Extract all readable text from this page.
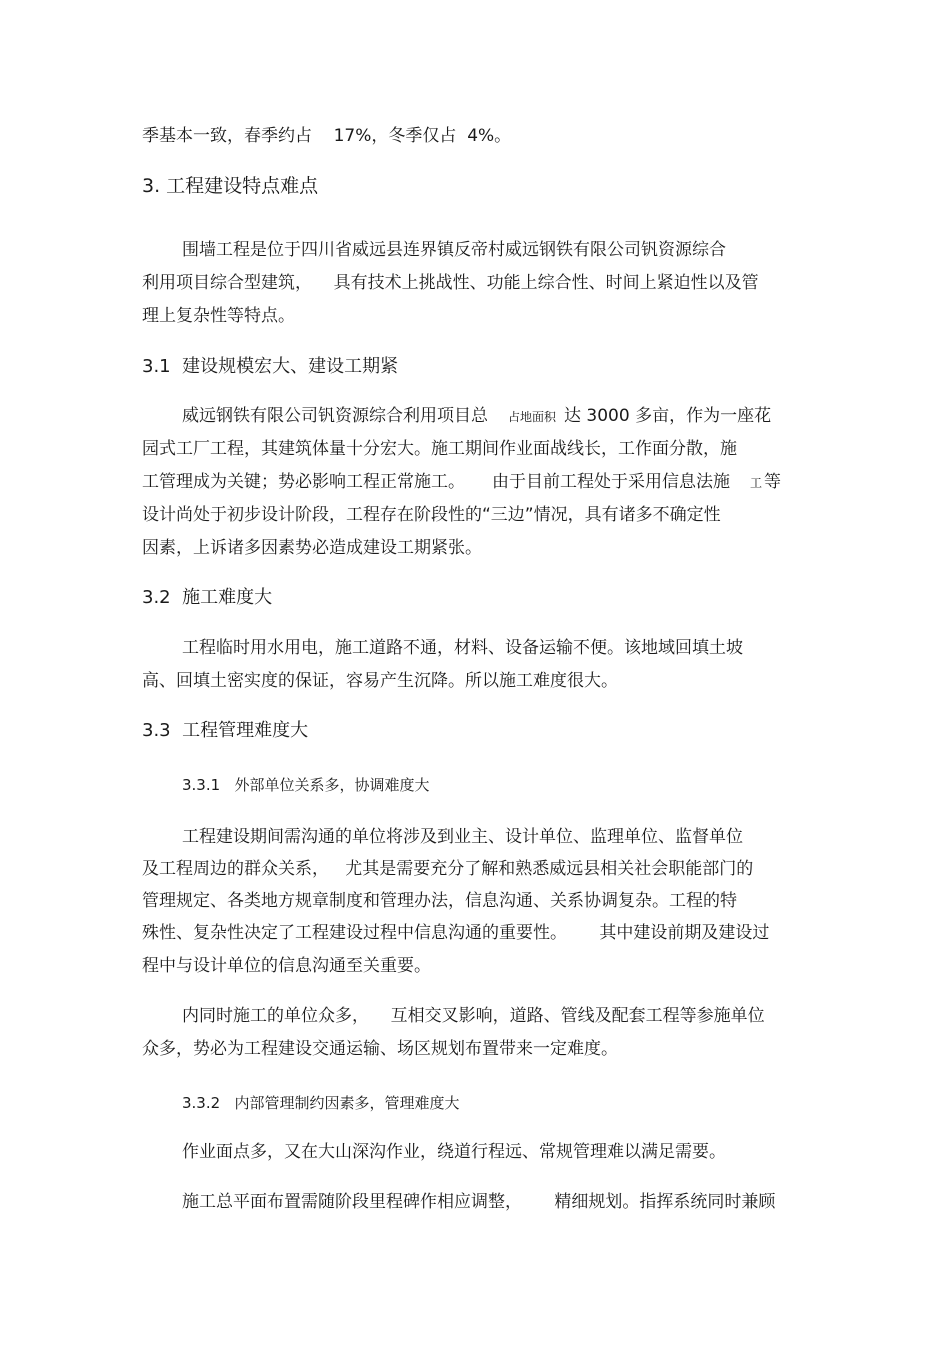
季基本一致，春季约占    17%，冬季仅占  4%。
3. 工程建设特点难点
围墙工程是位于四川省威远县连界镇反帝村威远钢铁有限公司钒资源综合
利用项目综合型建筑，    具有技术上挑战性、功能上综合性、时间上紧迫性以及管
理上复杂性等特点。
3.1  建设规模宏大、建设工期紧
威远钢铁有限公司钒资源综合利用项目总 占地面积 达 3000 多亩，作为一座花
园式工厂工程，其建筑体量十分宏大。施工期间作业面战线长，工作面分散，施
工管理成为关键；势必影响工程正常施工。     由于目前工程处于采用信息法施 工 等
设计尚处于初步设计阶段，工程存在阶段性的“三边”情况，具有诸多不确定性
因素，上诉诸多因素势必造成建设工期紧张。
3.2  施工难度大
工程临时用水用电，施工道路不通，材料、设备运输不便。该地域回填土坡
高、回填土密实度的保证，容易产生沉降。所以施工难度很大。
3.3  工程管理难度大
3.3.1   外部单位关系多，协调难度大
工程建设期间需沟通的单位将涉及到业主、设计单位、监理单位、监督单位
及工程周边的群众关系，   尤其是需要充分了解和熟悉威远县相关社会职能部门的
管理规定、各类地方规章制度和管理办法，信息沟通、关系协调复杂。工程的特
殊性、复杂性决定了工程建设过程中信息沟通的重要性。      其中建设前期及建设过
程中与设计单位的信息沟通至关重要。
内同时施工的单位众多，    互相交叉影响，道路、管线及配套工程等参施单位
众多，势必为工程建设交通运输、场区规划布置带来一定难度。
3.3.2   内部管理制约因素多，管理难度大
作业面点多，又在大山深沟作业，绕道行程远、常规管理难以满足需要。
施工总平面布置需随阶段里程碑作相应调整，      精细规划。指挥系统同时兼顾
